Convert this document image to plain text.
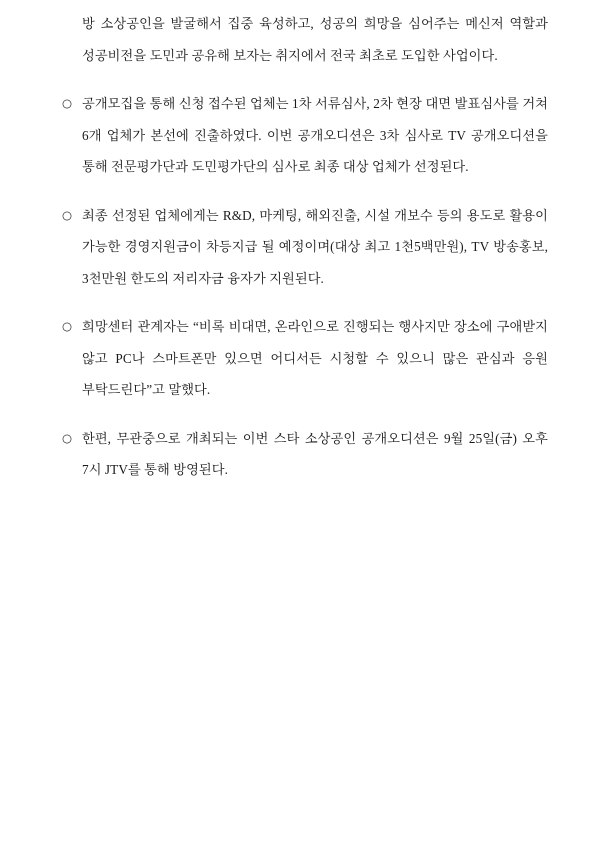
방 소상공인을 발굴해서 집중 육성하고, 성공의 희망을 심어주는 메신저 역할과 성공비전을 도민과 공유해 보자는 취지에서 전국 최초로 도입한 사업이다.

○ 공개모집을 통해 신청 접수된 업체는 1차 서류심사, 2차 현장 대면 발표심사를 거쳐 6개 업체가 본선에 진출하였다. 이번 공개오디션은 3차 심사로 TV 공개오디션을 통해 전문평가단과 도민평가단의 심사로 최종 대상 업체가 선정된다.

○ 최종 선정된 업체에게는 R&D, 마케팅, 해외진출, 시설 개보수 등의 용도로 활용이 가능한 경영지원금이 차등지급 될 예정이며(대상 최고 1천5백만원), TV 방송홍보, 3천만원 한도의 저리자금 융자가 지원된다.

○ 희망센터 관계자는 “비록 비대면, 온라인으로 진행되는 행사지만 장소에 구애받지 않고 PC나 스마트폰만 있으면 어디서든 시청할 수 있으니 많은 관심과 응원 부탁드린다”고 말했다.

○ 한편, 무관중으로 개최되는 이번 스타 소상공인 공개오디션은 9월 25일(금) 오후 7시 JTV를 통해 방영된다.
